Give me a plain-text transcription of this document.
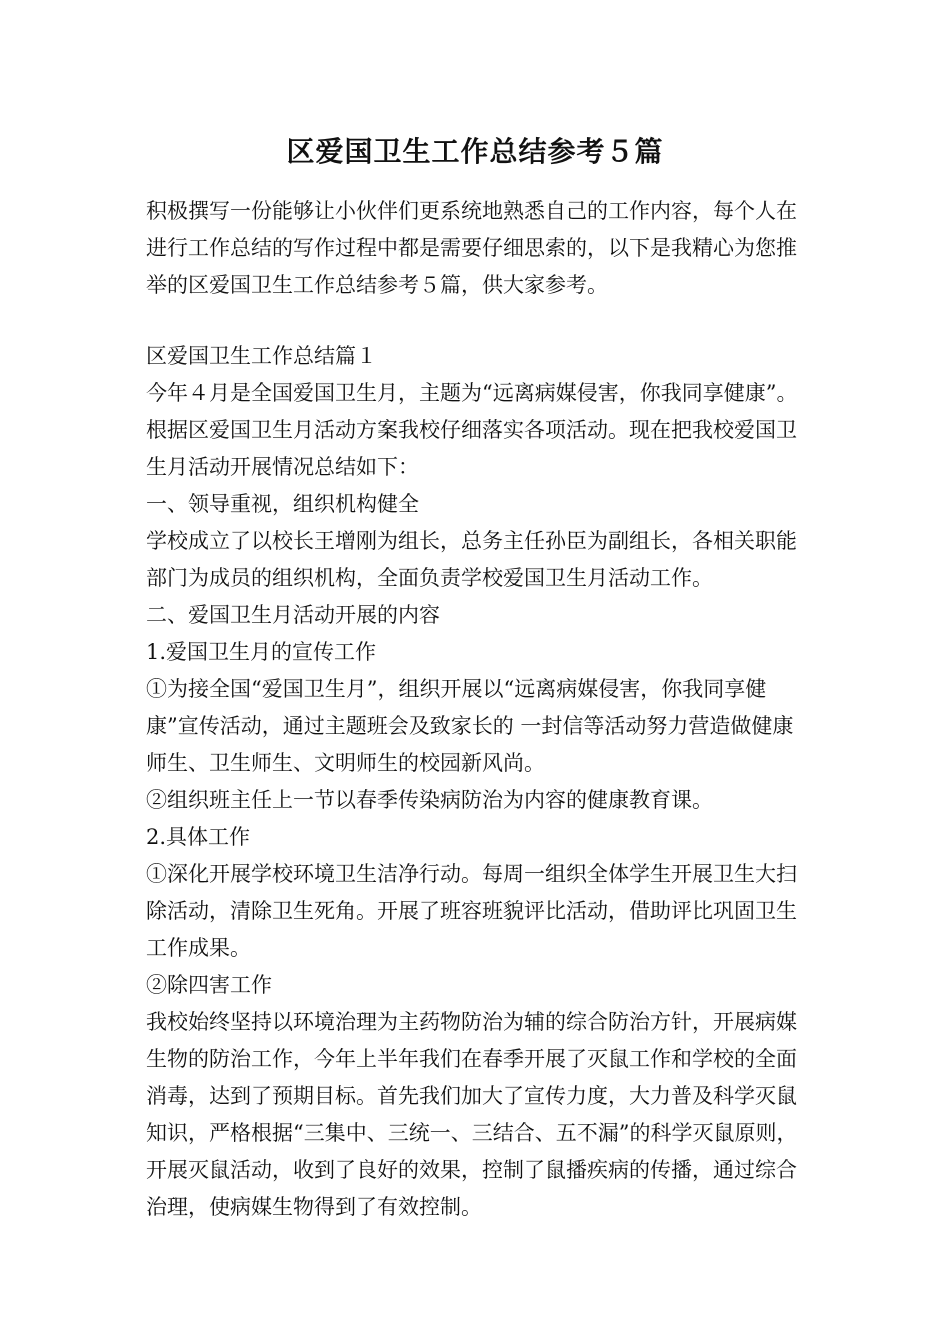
区爱国卫生工作总结参考５篇

积极撰写一份能够让小伙伴们更系统地熟悉自己的工作内容，每个人在进行工作总结的写作过程中都是需要仔细思索的，以下是我精心为您推举的区爱国卫生工作总结参考５篇，供大家参考。

区爱国卫生工作总结篇１

今年４月是全国爱国卫生月，主题为“远离病媒侵害，你我同享健康”。根据区爱国卫生月活动方案我校仔细落实各项活动。现在把我校爱国卫生月活动开展情况总结如下：

一、领导重视，组织机构健全

学校成立了以校长王增刚为组长，总务主任孙臣为副组长，各相关职能部门为成员的组织机构，全面负责学校爱国卫生月活动工作。

二、爱国卫生月活动开展的内容

1.爱国卫生月的宣传工作

①为接全国“爱国卫生月”，组织开展以“远离病媒侵害，你我同享健康”宣传活动，通过主题班会及致家长的 一封信等活动努力营造做健康师生、卫生师生、文明师生的校园新风尚。

②组织班主任上一节以春季传染病防治为内容的健康教育课。

2.具体工作

①深化开展学校环境卫生洁净行动。每周一组织全体学生开展卫生大扫除活动，清除卫生死角。开展了班容班貌评比活动，借助评比巩固卫生工作成果。

②除四害工作

我校始终坚持以环境治理为主药物防治为辅的综合防治方针，开展病媒生物的防治工作，今年上半年我们在春季开展了灭鼠工作和学校的全面消毒，达到了预期目标。首先我们加大了宣传力度，大力普及科学灭鼠知识，严格根据“三集中、三统一、三结合、五不漏”的科学灭鼠原则，开展灭鼠活动，收到了良好的效果，控制了鼠播疾病的传播，通过综合治理，使病媒生物得到了有效控制。
